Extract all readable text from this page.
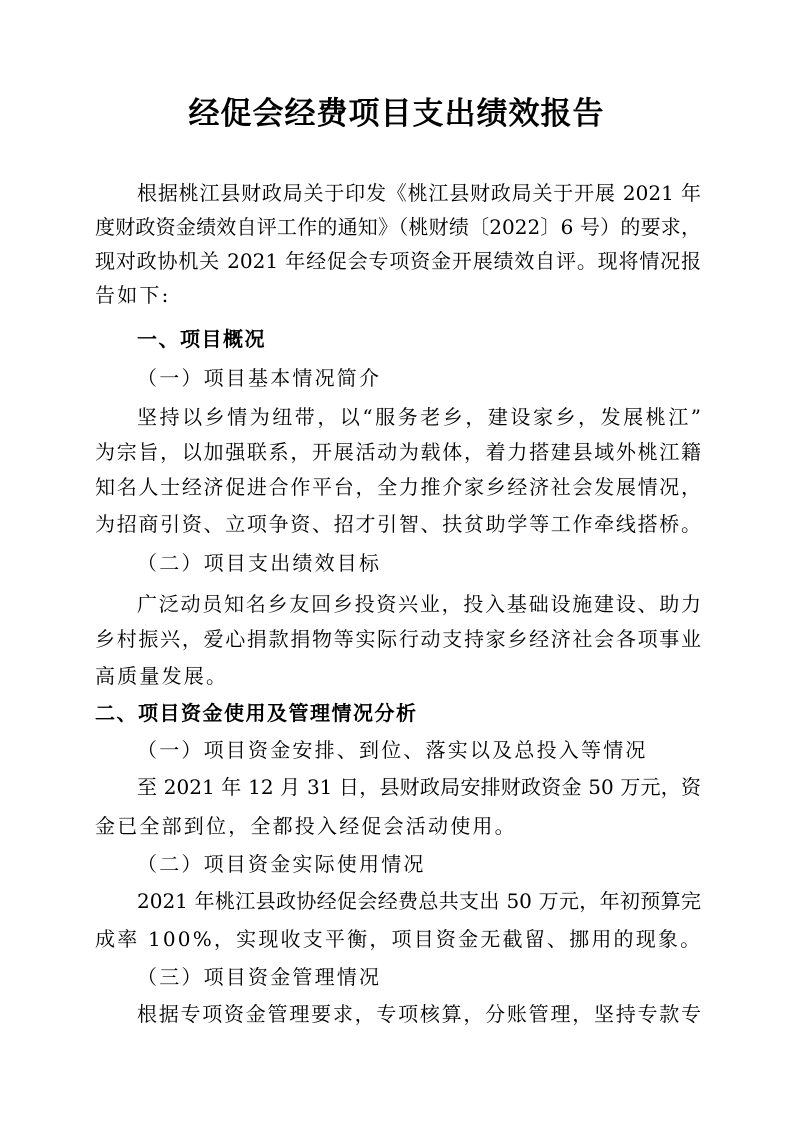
经促会经费项目支出绩效报告
根据桃江县财政局关于印发《桃江县财政局关于开展 2021 年
度财政资金绩效自评工作的通知》（桃财绩〔2022〕6 号）的要求，
现对政协机关 2021 年经促会专项资金开展绩效自评。现将情况报
告如下:
一、项目概况
（一）项目基本情况简介
坚持以乡情为纽带，以“服务老乡，建设家乡，发展桃江”
为宗旨，以加强联系，开展活动为载体，着力搭建县域外桃江籍
知名人士经济促进合作平台，全力推介家乡经济社会发展情况，
为招商引资、立项争资、招才引智、扶贫助学等工作牵线搭桥。
（二）项目支出绩效目标
广泛动员知名乡友回乡投资兴业，投入基础设施建设、助力
乡村振兴，爱心捐款捐物等实际行动支持家乡经济社会各项事业
高质量发展。
二、项目资金使用及管理情况分析
（一）项目资金安排、到位、落实以及总投入等情况
至 2021 年 12 月 31 日，县财政局安排财政资金 50 万元，资
金已全部到位，全都投入经促会活动使用。
（二）项目资金实际使用情况
2021 年桃江县政协经促会经费总共支出 50 万元，年初预算完
成率 100%，实现收支平衡，项目资金无截留、挪用的现象。
（三）项目资金管理情况
根据专项资金管理要求，专项核算，分账管理，坚持专款专
